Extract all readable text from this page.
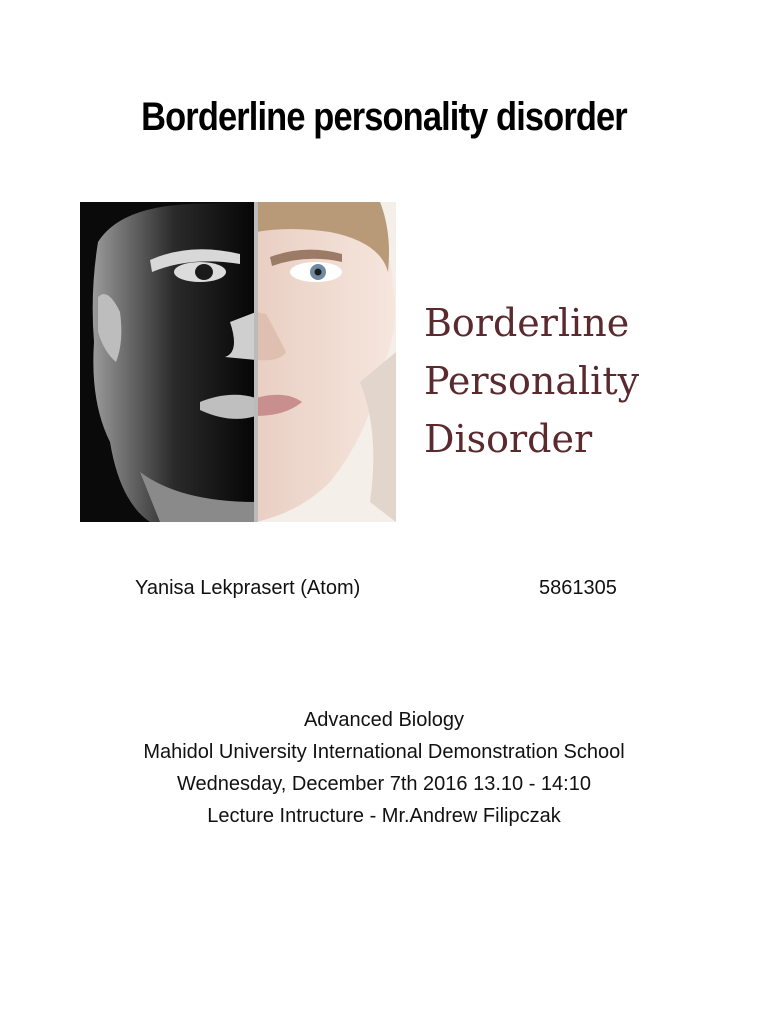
Borderline personality disorder
Borderline
Personality
Disorder
Yanisa Lekprasert (Atom)	5861305
Advanced Biology
Mahidol University International Demonstration School
Wednesday, December 7th 2016 13.10 - 14:10
Lecture Intructure - Mr.Andrew Filipczak
